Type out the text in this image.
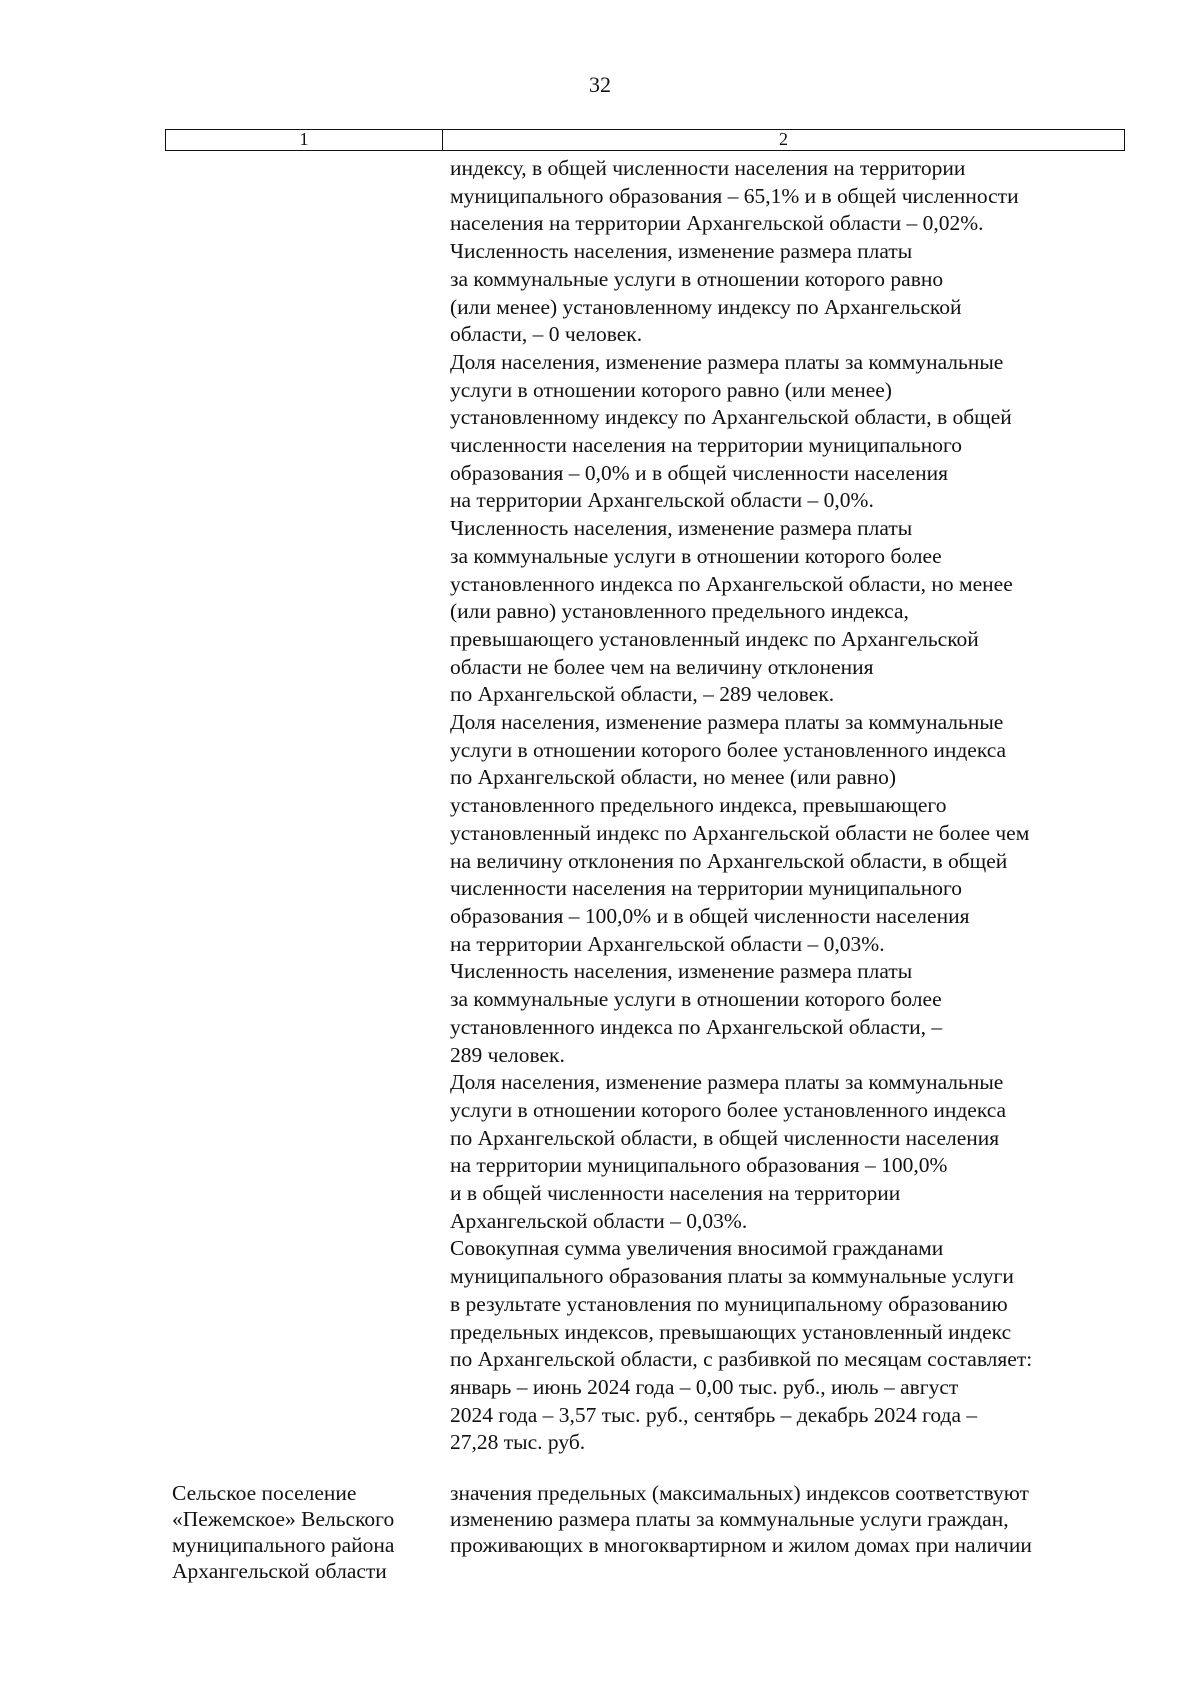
32
1	2
индексу, в общей численности населения на территории
муниципального образования – 65,1% и в общей численности
населения на территории Архангельской области – 0,02%.
Численность населения, изменение размера платы
за коммунальные услуги в отношении которого равно
(или менее) установленному индексу по Архангельской
области, – 0 человек.
Доля населения, изменение размера платы за коммунальные
услуги в отношении которого равно (или менее)
установленному индексу по Архангельской области, в общей
численности населения на территории муниципального
образования – 0,0% и в общей численности населения
на территории Архангельской области – 0,0%.
Численность населения, изменение размера платы
за коммунальные услуги в отношении которого более
установленного индекса по Архангельской области, но менее
(или равно) установленного предельного индекса,
превышающего установленный индекс по Архангельской
области не более чем на величину отклонения
по Архангельской области, – 289 человек.
Доля населения, изменение размера платы за коммунальные
услуги в отношении которого более установленного индекса
по Архангельской области, но менее (или равно)
установленного предельного индекса, превышающего
установленный индекс по Архангельской области не более чем
на величину отклонения по Архангельской области, в общей
численности населения на территории муниципального
образования – 100,0% и в общей численности населения
на территории Архангельской области – 0,03%.
Численность населения, изменение размера платы
за коммунальные услуги в отношении которого более
установленного индекса по Архангельской области, –
289 человек.
Доля населения, изменение размера платы за коммунальные
услуги в отношении которого более установленного индекса
по Архангельской области, в общей численности населения
на территории муниципального образования – 100,0%
и в общей численности населения на территории
Архангельской области – 0,03%.
Совокупная сумма увеличения вносимой гражданами
муниципального образования платы за коммунальные услуги
в результате установления по муниципальному образованию
предельных индексов, превышающих установленный индекс
по Архангельской области, с разбивкой по месяцам составляет:
январь – июнь 2024 года – 0,00 тыс. руб., июль – август
2024 года – 3,57 тыс. руб., сентябрь – декабрь 2024 года –
27,28 тыс. руб.
Сельское поселение
«Пежемское» Вельского
муниципального района
Архангельской области
значения предельных (максимальных) индексов соответствуют
изменению размера платы за коммунальные услуги граждан,
проживающих в многоквартирном и жилом домах при наличии
